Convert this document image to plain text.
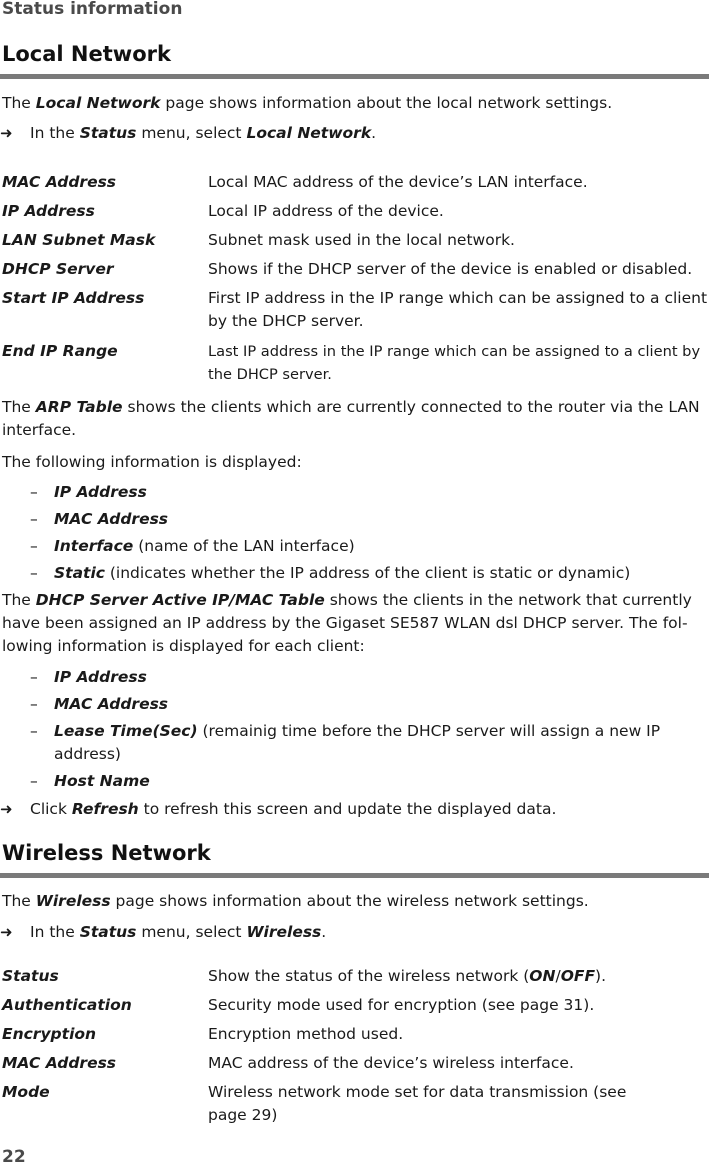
Status information
Local Network
The Local Network page shows information about the local network settings.
➜ In the Status menu, select Local Network.
MAC Address	Local MAC address of the device’s LAN interface.
IP Address	Local IP address of the device.
LAN Subnet Mask	Subnet mask used in the local network.
DHCP Server	Shows if the DHCP server of the device is enabled or disabled.
Start IP Address	First IP address in the IP range which can be assigned to a client by the DHCP server.
End IP Range	Last IP address in the IP range which can be assigned to a client by the DHCP server.
The ARP Table shows the clients which are currently connected to the router via the LAN interface.
The following information is displayed:
– IP Address
– MAC Address
– Interface (name of the LAN interface)
– Static (indicates whether the IP address of the client is static or dynamic)
The DHCP Server Active IP/MAC Table shows the clients in the network that currently have been assigned an IP address by the Gigaset SE587 WLAN dsl DHCP server. The fol-lowing information is displayed for each client:
– IP Address
– MAC Address
– Lease Time(Sec) (remainig time before the DHCP server will assign a new IP address)
– Host Name
➜ Click Refresh to refresh this screen and update the displayed data.
Wireless Network
The Wireless page shows information about the wireless network settings.
➜ In the Status menu, select Wireless.
Status	Show the status of the wireless network (ON/OFF).
Authentication	Security mode used for encryption (see page 31).
Encryption	Encryption method used.
MAC Address	MAC address of the device’s wireless interface.
Mode	Wireless network mode set for data transmission (see page 29)
22
